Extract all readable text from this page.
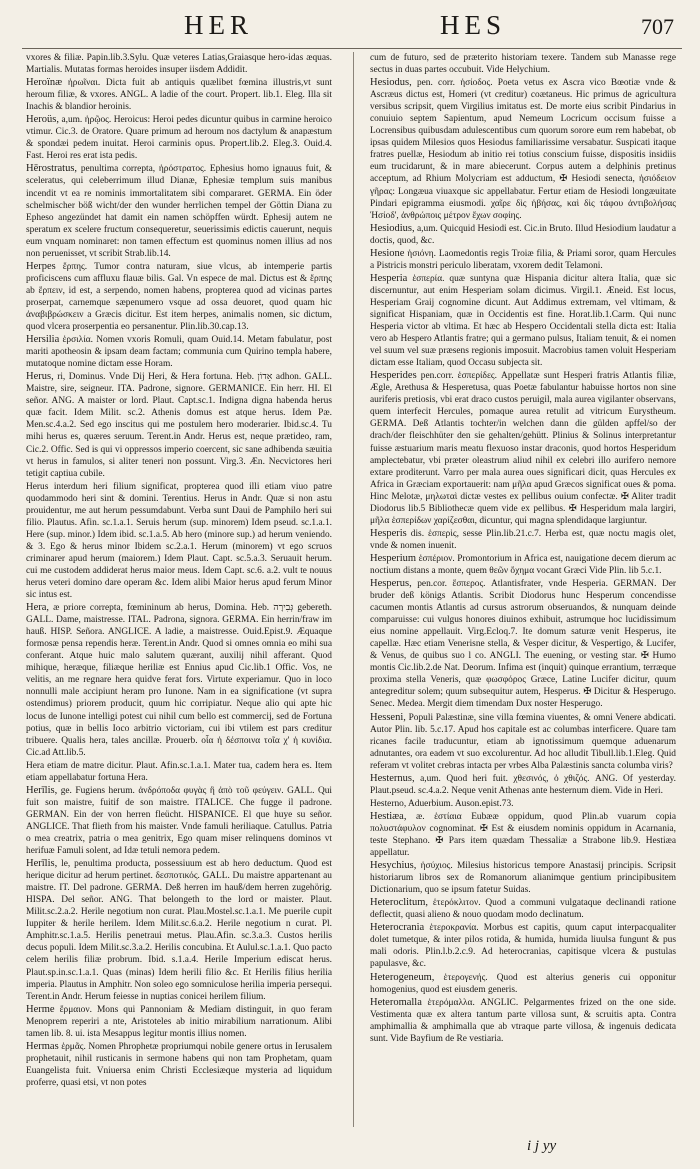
HER	HES	707
vxores & filiæ. Papin.lib.3.Sylu. Quæ veteres Latias,Graiasque hero-idas æquas. Martialis. Mutatas formas heroides insuper iisdem Addidit.
Heroïnæ ἡρωῖναι. Dicta fuit ab antiquis quælibet fœmina illustris,vt sunt heroum filiæ, & vxores. ANGL. A ladie of the court. Propert. lib.1. Eleg. Illa sit Inachis & blandior heroinis.
Heroüs, a,um. ἡρῷος. Heroicus: Heroi pedes dicuntur quibus in carmine heroico vtimur. Cic.3. de Oratore. Quare primum ad heroum nos dactylum & anapæstum & spondæi pedem inuitat. Heroi carminis opus. Propert.lib.2. Eleg.3. Ouid.4. Fast. Heroi res erat ista pedis.
Hērostratus, penultima correpta, ἡρόστρατος. Ephesius homo ignauus fuit, & sceleratus, qui celeberrimum illud Dianæ, Ephesiæ templum suis manibus incendit vt ea re nominis immortalitatem sibi compararet. GERMA. Ein öder schelmischer böß wicht/der den wunder herrlichen tempel der Göttin Diana zu Epheso angezündet hat damit ein namen schöpffen würdt. Ephesij autem ne speratum ex scelere fructum consequeretur, seuerissimis edictis cauerunt, nequis eum vnquam nominaret: non tamen effectum est quominus nomen illius ad nos non peruenisset, vt scribit Strab.lib.14.
Herpes ἕρπης. Tumor contra naturam, siue vlcus, ab intemperie partis proficiscens cum affluxu flauæ bilis. Gal. Vn espece de mal. Dictus est & ἕρπης ab ἕρπειν, id est, a serpendo, nomen habens, propterea quod ad vicinas partes proserpat, carnemque sæpenumero vsque ad ossa deuoret, quod quam hic ἀναβιβρώσκειν a Græcis dicitur. Est item herpes, animalis nomen, sic dictum, quod vlcera proserpentia eo persanentur. Plin.lib.30.cap.13.
Hersilia ἑρσιλία. Nomen vxoris Romuli, quam Ouid.14. Metam fabulatur, post mariti apotheosin & ipsam deam factam; communia cum Quirino templa habere, mutatoque nomine dictam esse Horam.
Herus, ri, Dominus. Vnde Dij Heri, & Hera fortuna. Heb. אָדוֹן adhon. GALL. Maistre, sire, seigneur. ITA. Padrone, signore. GERMANICE. Ein herr. HI. El señor. ANG. A maister or lord. Plaut. Capt.sc.1. Indigna digna habenda herus quæ facit. Idem Milit. sc.2. Athenis domus est atque herus. Idem Pæ. Men.sc.4.a.2. Sed ego inscitus qui me postulem hero moderarier. Ibid.sc.4. Tu mihi herus es, quæres seruum. Terent.in Andr. Herus est, neque prætideo, ram, Cic.2. Offic. Sed is qui vi oppressos imperio coercent, sic sane adhibenda sæuitia vt herus in famulos, si aliter teneri non possunt. Virg.3. Æn. Necvictores heri tetigit captiua cubile.
Herus interdum heri filium significat, propterea quod illi etiam viuo patre quodammodo heri sint & domini. Terentius. Herus in Andr. Quæ si non astu prouidentur, me aut herum pessumdabunt. Verba sunt Daui de Pamphilo heri sui filio. Plautus. Afin. sc.1.a.1. Seruis herum (sup. minorem) Idem pseud. sc.1.a.1. Here (sup. minor.) Idem ibid. sc.1.a.5. Ab hero (minore sup.) ad herum veniendo. & 3. Ego & herus minor Ibidem sc.2.a.1. Herum (minorem) vt ego scruos criminarer apud herum (maiorem.) Idem Plaut. Capt. sc.5.a.3. Seruauit herum. cui me custodem addiderat herus maior meus. Idem Capt. sc.6. a.2. vult te nouus herus veteri domino dare operam &c. Idem alibi Maior herus apud ferum Minor sic intus est.
Hera, æ priore correpta, fœmininum ab herus, Domina. Heb. גְּבִירָה gebereth. GALL. Dame, maistresse. ITAL. Padrona, signora. GERMA. Ein herrin/fraw im hauß. HISP. Señora. ANGLICE. A ladie, a maistresse. Ouid.Epist.9. Æquaque formosæ pensa rependis heræ. Terent.in Andr. Quod si omnes omnia eo mihi sua conferant. Atque huic malo salutem quærant, auxilij nihil afferant. Quod mihique, heræque, filiæque heriliæ est Ennius apud Cic.lib.1 Offic. Vos, ne velitis, an me regnare hera quidve ferat fors. Virtute experiamur. Quo in loco nonnulli male accipiunt heram pro Iunone. Nam in ea significatione (vt supra ostendimus) priorem producit, quum hic corripiatur. Neque alio qui apte hic locus de Iunone intelligi potest cui nihil cum bello est commercij, sed de Fortuna potius, quæ in bellis Ioco arbitrio victoriam, cui ibi vtilem est pars creditur tribuere. Qualis hera, tales ancillæ. Prouerb. οἷα ἡ δέσποινα τοῖα χ' ἡ κυνίδια. Cic.ad Att.lib.5.
Hera etiam de matre dicitur. Plaut. Afin.sc.1.a.1. Mater tua, cadem hera es. Item etiam appellabatur fortuna Hera.
Herīlis, ge. Fugiens herum. ἀνδρόποδα φυγὰς ἢ ἀπὸ τοῦ φεύγειν. GALL. Qui fuit son maistre, fuitif de son maistre. ITALICE. Che fugge il padrone. GERMAN. Ein der von herren fleücht. HISPANICE. El que huye su señor. ANGLICE. That flieth from his maister. Vnde famuli heriliaque. Catullus. Patria o mea creatrix, patria o mea genitrix, Ego quam miser relinquens dominos vt herifuæ Famuli solent, ad Idæ tetuli nemora pedem.
Herīlis, le, penultima producta, possessiuum est ab hero deductum. Quod est herique dicitur ad herum pertinet. δεσποτικός. GALL. Du maistre appartenant au maistre. IT. Del padrone. GERMA. Deß herren im hauß/dem herren zugehörig. HISPA. Del señor. ANG. That belongeth to the lord or maister. Plaut. Milit.sc.2.a.2. Herile negotium non curat. Plau.Mostel.sc.1.a.1. Me puerile cupit Iuppiter & herile herilem. Idem Milit.sc.6.a.2. Herile negotium n curat. Pl. Amphitr.sc.1.a.5. Herilis penetraui metus. Plau.Afin. sc.3.a.3. Custos herilis decus populi. Idem Milit.sc.3.a.2. Herilis concubina. Et Aulul.sc.1.a.1. Quo pacto celem herilis filiæ probrum. Ibid. s.1.a.4. Herile Imperium ediscat herus. Plaut.sp.in.sc.1.a.1. Quas (minas) Idem herili filio &c. Et Herilis filius herilia imperia. Plautus in Amphitr. Non soleo ego somniculose herilia imperia persequi. Terent.in Andr. Herum feiesse in nuptias conicei herilem filium.
Herme ἕρμαιον. Mons qui Pannoniam & Mediam distinguit, in quo feram Menoprem reperiri a nte, Aristoteles ab initio mirabilium narrationum. Alibi tamen lib. 8. ui. ista Mesappus legitur montis illius nomen.
Hermas ἑρμᾶς. Nomen Phrophetæ propriumqui nobile genere ortus in Ierusalem prophetauit, nihil rusticanis in sermone habens qui non tam Prophetam, quam Euangelista fuit. Vniuersa enim Christi Ecclesiæque mysteria ad liquidum proferre, quasi etsi, vt non potes
cum de futuro, sed de præterito historiam texere. Tandem sub Manasse rege sectus in duas partes occubuit. Vide Helychium.
Hesiodus, pen. corr. ἡσίοδος. Poeta vetus ex Ascra vico Bœotiæ vnde & Ascræus dictus est, Homeri (vt creditur) coætaneus. Hic primus de agricultura versibus scripsit, quem Virgilius imitatus est. De morte eius scribit Pindarius in conuiuio septem Sapientum, apud Nemeum Locricum occisum fuisse a Locrensibus quibusdam adulescentibus cum quorum sorore eum rem habebat, ob ipsas quidem Milesios quos Hesiodus familiarissime versabatur. Suspicati itaque fratres puellæ, Hesiodum ab initio rei totius conscium fuisse, dispositis insidiis eum trucidarunt, & in mare abiecerunt. Corpus autem a delphinis pretinus acceptum, ad Rhium Molycriam est adductum, ✠ Hesiodi senecta, ἡσιόδειον γῆρας: Longæua viuaxque sic appellabatur. Fertur etiam de Hesiodi longæuitate Pindari epigramma eiusmodi. χαῖρε δὶς ἡβήσας, καὶ δὶς τάφου ἀντιβολήσας Ἡσίοδ', ἀνθρώποις μέτρον ἔχων σοφίης.
Hesiodius, a,um. Quicquid Hesiodi est. Cic.in Bruto. Illud Hesiodium laudatur a doctis, quod, &c.
Hesione ἡσιόνη. Laomedontis regis Troiæ filia, & Priami soror, quam Hercules a Pistricis monstri periculo liberatam, vxorem dedit Telamoni.
Hesperia ἑσπερία. quæ suntyna quæ Hispania dicitur altera Italia, quæ sic discernuntur, aut enim Hesperiam solam dicimus. Virgil.1. Æneid. Est locus, Hesperiam Graij cognomine dicunt. Aut Addimus extremam, vel vltimam, & significat Hispaniam, quæ in Occidentis est fine. Horat.lib.1.Carm. Qui nunc Hesperia victor ab vltima. Et hæc ab Hespero Occidentali stella dicta est: Italia vero ab Hespero Atlantis fratre; qui a germano pulsus, Italiam tenuit, & ei nomen vel suum vel suæ præsens regionis imposuit. Macrobius tamen voluit Hesperiam dictam esse Italiam, quod Occasu subjecta sit.
Hesperides pen.corr. ἑσπερίδες. Appellatæ sunt Hesperi fratris Atlantis filiæ, Ægle, Arethusa & Hesperetusa, quas Poetæ fabulantur habuisse hortos non sine auriferis pretiosis, vbi erat draco custos peruigil, mala aurea vigilanter observans, quem interfecit Hercules, pomaque aurea retulit ad vitricum Eurystheum. GERMA. Deß Atlantis tochter/in welchen dann die gülden apffel/so der drach/der fleischhüter den sie gehalten/gehütt. Plinius & Solinus interpretantur fuisse æstuarium maris meatu flexuoso instar draconis, quod hortos Hesperidum amplectebatur, vbi præter oleastrum aliud nihil ex celebri illo aurifero nemore extare proditerunt. Varro per mala aurea oues significari dicit, quas Hercules ex Africa in Græciam exportauerit: nam μῆλα apud Græcos significat oues & poma. Hinc Melotæ, μηλωταὶ dictæ vestes ex pellibus ouium confectæ. ✠ Aliter tradit Diodorus lib.5 Bibliothecæ quem vide ex pellibus. ✠ Hesperidum mala largiri, μῆλα ἑσπερίδων χαρίζεσθαι, dicuntur, qui magna splendidaque largiuntur.
Hesperis dis. ἑσπερὶς, sesse Plin.lib.21.c.7. Herba est, quæ noctu magis olet, vnde & nomen inuenit.
Hesperium ἑσπέριον. Promontorium in Africa est, nauigatione decem dierum ac noctium distans a monte, quem θεῶν ὄχημα vocant Græci Vide Plin. lib 5.c.1.
Hesperus, pen.cor. ἕσπερος. Atlantisfrater, vnde Hesperia. GERMAN. Der bruder deß königs Atlantis. Scribit Diodorus hunc Hesperum concendisse cacumen montis Atlantis ad cursus astrorum obseruandos, & nunquam deinde comparuisse: cui vulgus honores diuinos exhibuit, astrumque hoc lucidissimum eius nomine appellauit. Virg.Ecloq.7. Ite domum saturæ venit Hesperus, ite capellæ. Hæc etiam Venerisne stella, & Vesper dicitur, & Vespertigo, & Lucifer, & Venus, de quibus suo l co. ANGLI. The euening, or vesting star. ✠ Humo montis Cic.lib.2.de Nat. Deorum. Infima est (inquit) quinque errantium, terræque proxima stella Veneris, quæ φωσφόρος Græce, Latine Lucifer dicitur, quum antegreditur solem; quum subsequitur autem, Hesperus. ✠ Dicitur & Hesperugo. Senec. Medea. Mergit diem timendam Dux noster Hesperugo.
Hesseni, Populi Palæstinæ, sine villa fœmina viuentes, & omni Venere abdicati. Autor Plin. lib. 5.c.17. Apud hos capitale est ac columbas interficere. Quare tam ricanes facile traducuntur, etiam ab ignotissimum quemque aduenarum adnutantes, ora eadem vt suo excolurentur. Ad hoc alludit Tibull.lib.1.Eleg. Quid referam vt volitet crebras intacta per vrbes Alba Palæstinis sancta columba viris?
Hesternus, a,um. Quod heri fuit. χθεσινός, ὁ χθιζός. ANG. Of yesterday. Plaut.pseud. sc.4.a.2. Neque venit Athenas ante hesternum diem. Vide in Heri.
Hesterno, Aduerbium. Auson.epist.73.
Hestiæa, æ. ἑστίαια Eubææ oppidum, quod Plin.ab vuarum copia πολυστάφυλον cognominat. ✠ Est & eiusdem nominis oppidum in Acarnania, teste Stephano. ✠ Pars item quædam Thessaliæ a Strabone lib.9. Hestiæa appellatur.
Hesychius, ἡσύχιος. Milesius historicus tempore Anastasij principis. Scripsit historiarum libros sex de Romanorum alianimque gentium principibusitem Dictionarium, quo se ipsum fatetur Suidas.
Heteroclitum, ἑτερόκλιτον. Quod a communi vulgataque declinandi ratione deflectit, quasi alieno & nouo quodam modo declinatum.
Heterocrania ἑτεροκρανία. Morbus est capitis, quum caput interpacqualiter dolet tumetque, & inter pilos rotida, & humida, humida liuulsa fungunt & pus mali odoris. Plin.l.b.2.c.9. Ad heterocranias, capitisque vlcera & pustulas papulasve, &c.
Heterogeneum, ἑτερογενής. Quod est alterius generis cui opponitur homogenius, quod est eiusdem generis.
Heteromalla ἑτερόμαλλα. ANGLIC. Pelgarmentes frized on the one side. Vestimenta quæ ex altera tantum parte villosa sunt, & scruitis apta. Contra amphimallia & amphimalla que ab vtraque parte villosa, & ingenuis dedicata sunt. Vide Bayfium de Re vestiaria.
i j yy
